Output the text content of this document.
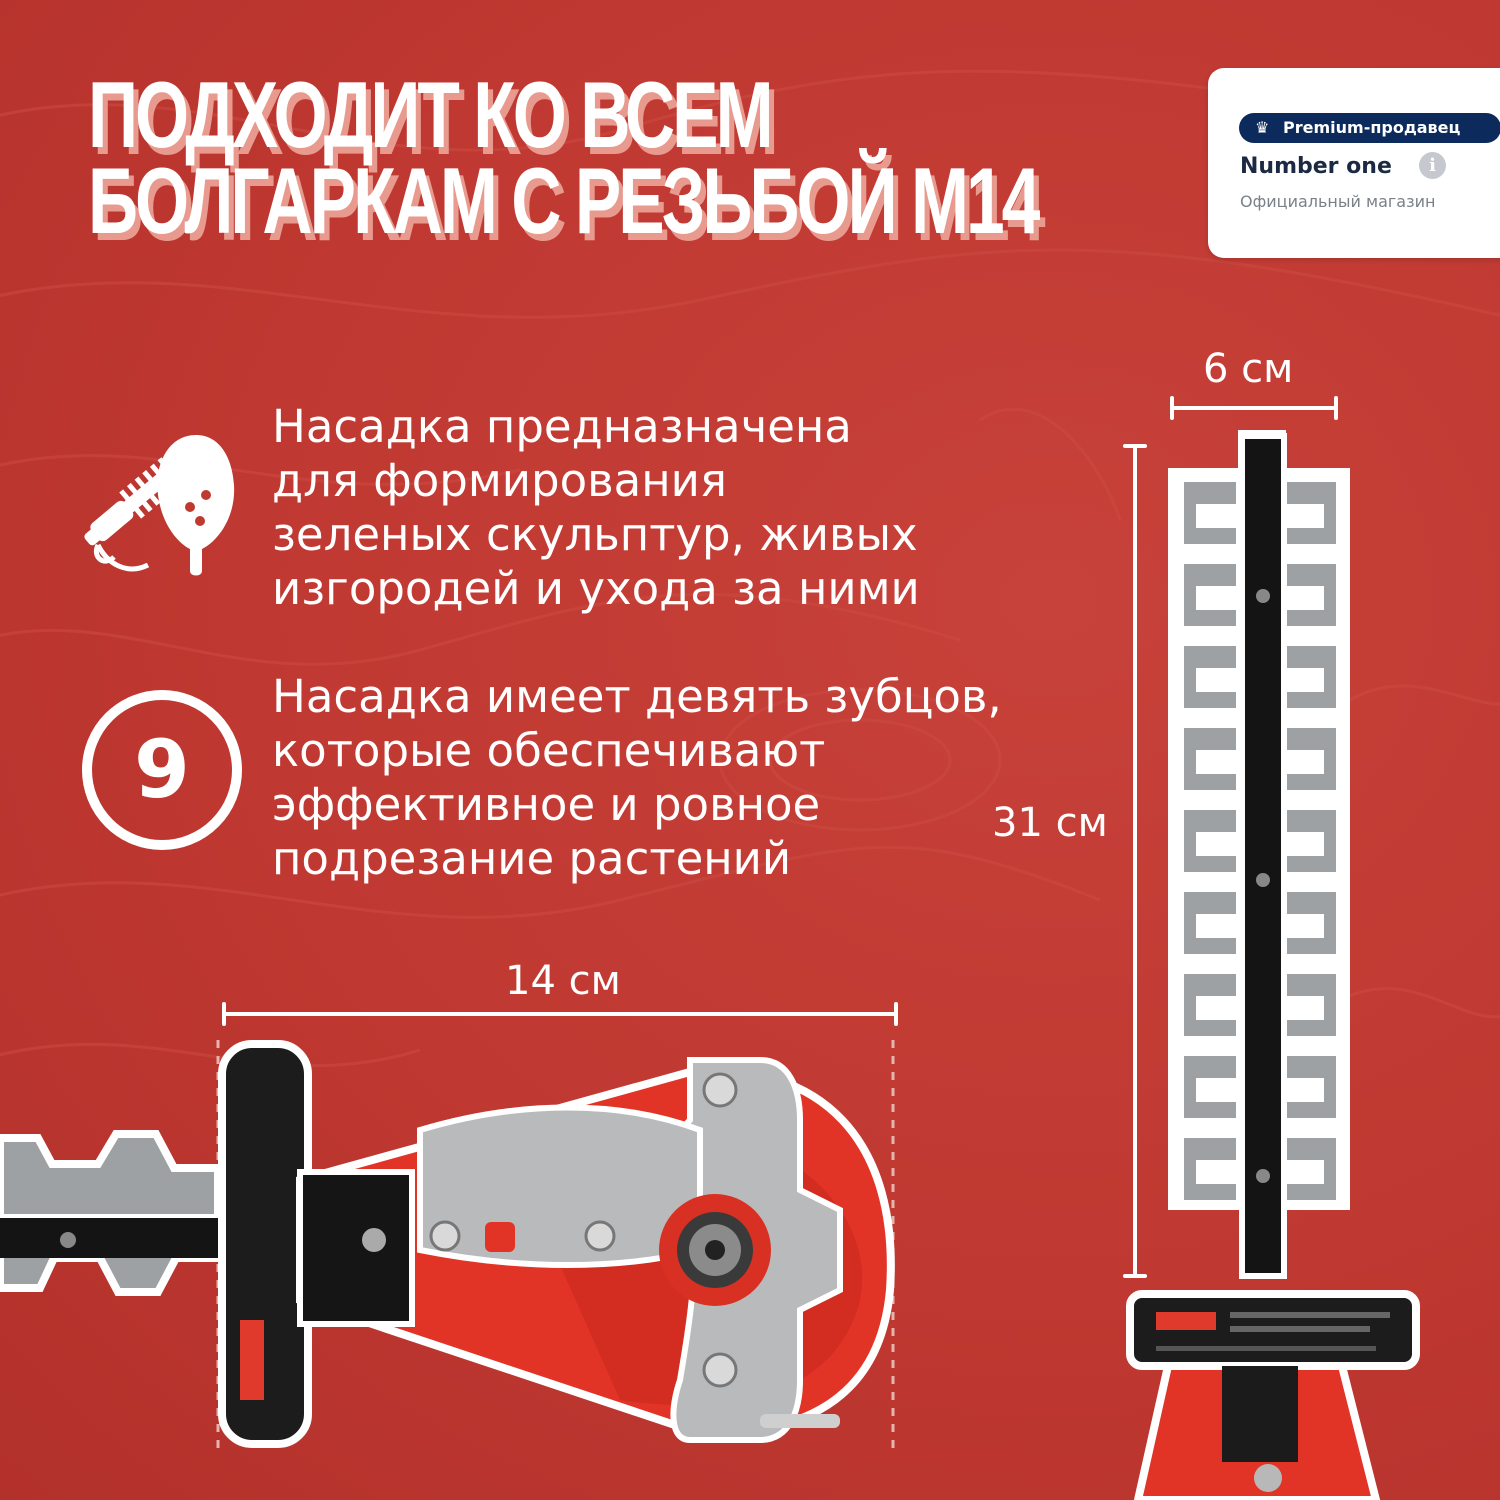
ПОДХОДИТ КО ВСЕМ
БОЛГАРКАМ С РЕЗЬБОЙ М14
♛ Premium-продавец
Number one	i
Официальный магазин

Насадка предназначена
для формирования
зеленых скульптур, живых
изгородей и ухода за ними

9

Насадка имеет девять зубцов,
которые обеспечивают
эффективное и ровное
подрезание растений

6 см
31 см
14 см
